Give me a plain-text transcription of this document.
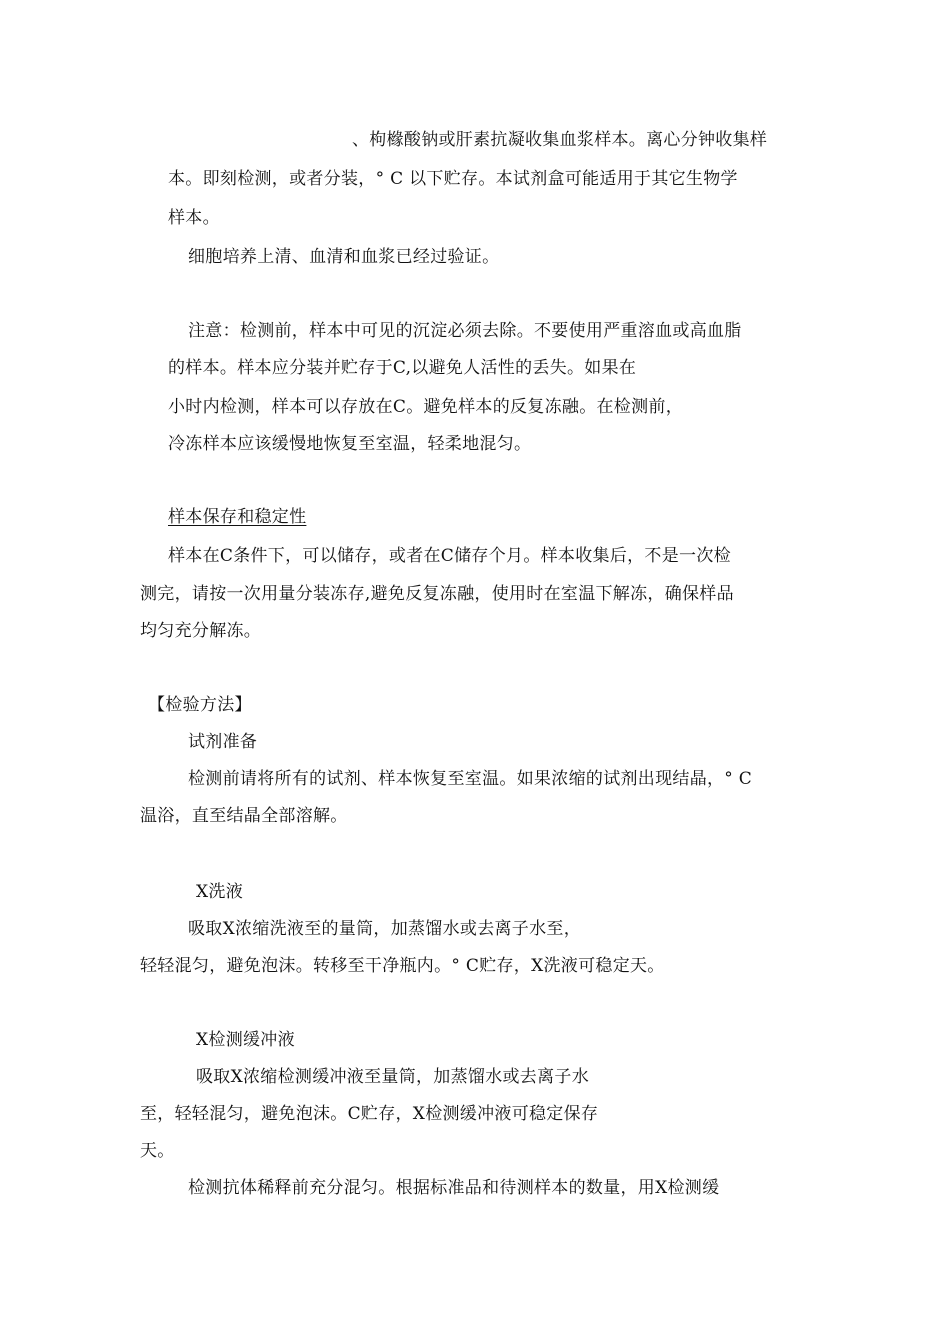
、枸橼酸钠或肝素抗凝收集血浆样本。离心分钟收集样
本。即刻检测，或者分装，° C 以下贮存。本试剂盒可能适用于其它生物学
样本。
细胞培养上清、血清和血浆已经过验证。
注意：检测前，样本中可见的沉淀必须去除。不要使用严重溶血或高血脂
的样本。样本应分装并贮存于C,以避免人活性的丢失。如果在
小时内检测，样本可以存放在C。避免样本的反复冻融。在检测前，
冷冻样本应该缓慢地恢复至室温，轻柔地混匀。
样本保存和稳定性
样本在C条件下，可以储存，或者在C储存个月。样本收集后，不是一次检
测完，请按一次用量分装冻存,避免反复冻融，使用时在室温下解冻，确保样品
均匀充分解冻。
【检验方法】
试剂准备
检测前请将所有的试剂、样本恢复至室温。如果浓缩的试剂出现结晶，° C
温浴，直至结晶全部溶解。
X洗液
吸取X浓缩洗液至的量筒，加蒸馏水或去离子水至，
轻轻混匀，避免泡沫。转移至干净瓶内。° C贮存，X洗液可稳定天。
X检测缓冲液
吸取X浓缩检测缓冲液至量筒，加蒸馏水或去离子水
至，轻轻混匀，避免泡沫。C贮存，X检测缓冲液可稳定保存
天。
检测抗体稀释前充分混匀。根据标准品和待测样本的数量，用X检测缓
